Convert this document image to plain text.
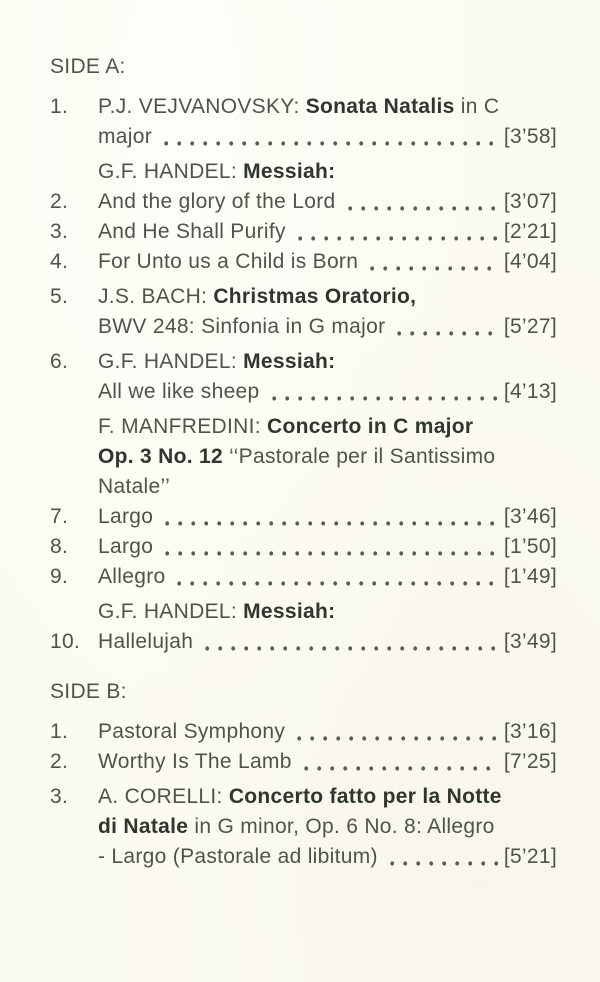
SIDE A:
1.	P.J. VEJVANOVSKY: Sonata Natalis in C
major	[3’58]
G.F. HANDEL: Messiah:
2.	And the glory of the Lord	[3’07]
3.	And He Shall Purify	[2’21]
4.	For Unto us a Child is Born	[4’04]
5.	J.S. BACH: Christmas Oratorio,
BWV 248: Sinfonia in G major	[5’27]
6.	G.F. HANDEL: Messiah:
All we like sheep	[4’13]
F. MANFREDINI: Concerto in C major
Op. 3 No. 12 ‘‘Pastorale per il Santissimo
Natale’’
7.	Largo	[3’46]
8.	Largo	[1’50]
9.	Allegro	[1’49]
G.F. HANDEL: Messiah:
10. Hallelujah	[3’49]
SIDE B:
1.	Pastoral Symphony	[3’16]
2.	Worthy Is The Lamb	[7’25]
3.	A. CORELLI: Concerto fatto per la Notte
di Natale in G minor, Op. 6 No. 8: Allegro
- Largo (Pastorale ad libitum)	[5’21]
